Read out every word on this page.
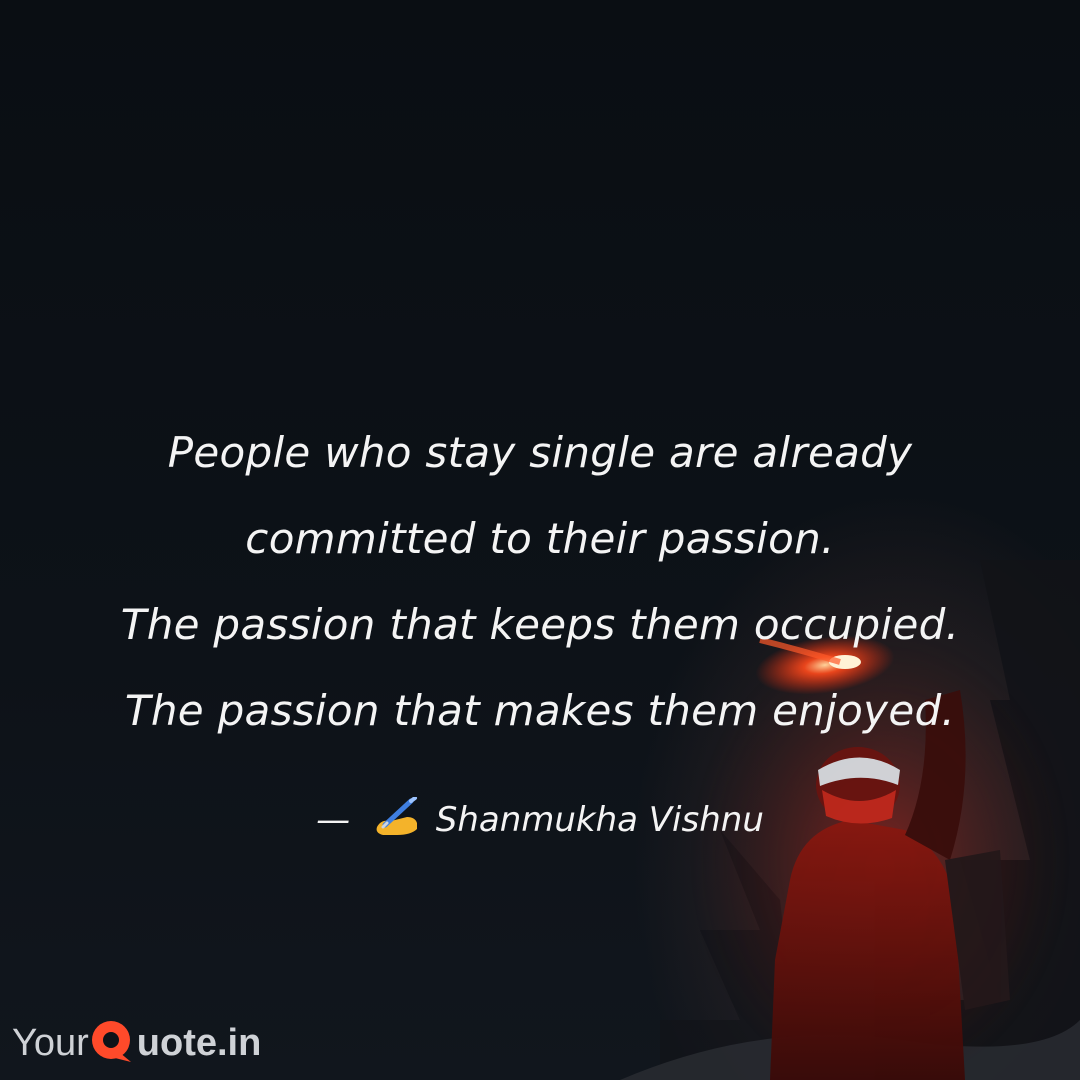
People who stay single are already
committed to their passion.
The passion that keeps them occupied.
The passion that makes them enjoyed.
—	Shanmukha Vishnu
Your uote.in
